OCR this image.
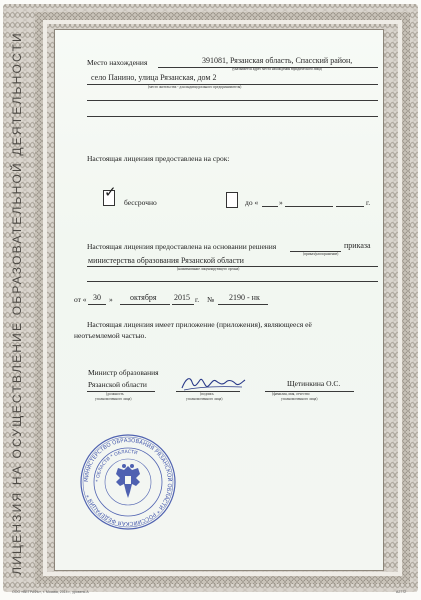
ЛИЦЕНЗИЯ НА ОСУЩЕСТВЛЕНИЕ ОБРАЗОВАТЕЛЬНОЙ ДЕЯТЕЛЬНОСТИ	Место нахождения	391081, Рязанская область, Спасский район,
(указывается адрес места нахождения юридического лица)
село Панино, улица Рязанская, дом 2
(место жительства - для индивидуального предпринимателя)
Настоящая лицензия предоставлена на срок:
✓
бессрочно	до «	»	г.
Настоящая лицензия предоставлена на основании решения	приказа
(приказ/распоряжение)
министерства образования Рязанской области
(наименование лицензирующего органа)
от « 30 » октября 2015 г. № 2190 - нк
Настоящая лицензия имеет приложение (приложения), являющееся её
неотъемлемой частью.
Министр образования
Рязанской области
(должность
уполномоченного лица)
(подпись
уполномоченного лица)
Щетинкина О.С.
(фамилия, имя, отчество
уполномоченного лица)
МИНИСТЕРСТВО ОБРАЗОВАНИЯ РЯЗАНСКОЙ ОБЛАСТИ * РОССИЙСКАЯ ФЕДЕРАЦИЯ *
* ОБЛАСТИ * ОБЛАСТИ
ООО «ВЕТРАФЬ», г. Москва, 2014 г., уровень А	А2772
